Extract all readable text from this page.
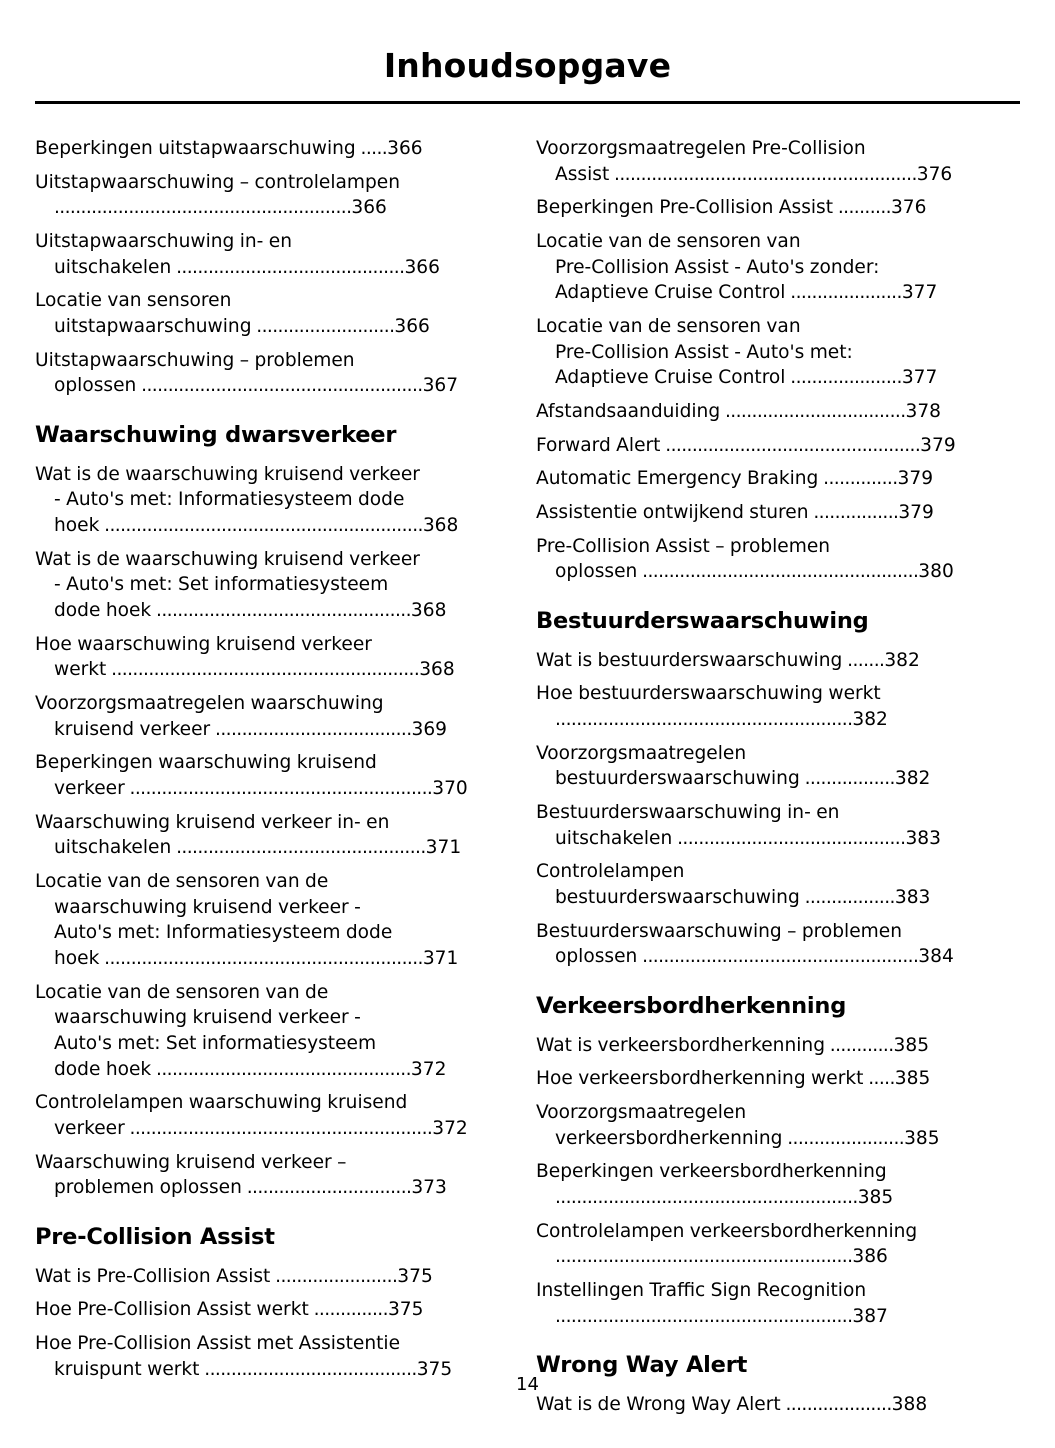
Inhoudsopgave
Beperkingen uitstapwaarschuwing .....366
Uitstapwaarschuwing – controlelampen
........................................................366
Uitstapwaarschuwing in- en
uitschakelen ...........................................366
Locatie van sensoren
uitstapwaarschuwing ..........................366
Uitstapwaarschuwing – problemen
oplossen .....................................................367
Waarschuwing dwarsverkeer
Wat is de waarschuwing kruisend verkeer
- Auto's met: Informatiesysteem dode
hoek ............................................................368
Wat is de waarschuwing kruisend verkeer
- Auto's met: Set informatiesysteem
dode hoek ................................................368
Hoe waarschuwing kruisend verkeer
werkt ..........................................................368
Voorzorgsmaatregelen waarschuwing
kruisend verkeer .....................................369
Beperkingen waarschuwing kruisend
verkeer .........................................................370
Waarschuwing kruisend verkeer in- en
uitschakelen ...............................................371
Locatie van de sensoren van de
waarschuwing kruisend verkeer -
Auto's met: Informatiesysteem dode
hoek ............................................................371
Locatie van de sensoren van de
waarschuwing kruisend verkeer -
Auto's met: Set informatiesysteem
dode hoek ................................................372
Controlelampen waarschuwing kruisend
verkeer .........................................................372
Waarschuwing kruisend verkeer –
problemen oplossen ...............................373
Pre-Collision Assist
Wat is Pre-Collision Assist .......................375
Hoe Pre-Collision Assist werkt ..............375
Hoe Pre-Collision Assist met Assistentie
kruispunt werkt ........................................375
Voorzorgsmaatregelen Pre-Collision
Assist .........................................................376
Beperkingen Pre-Collision Assist ..........376
Locatie van de sensoren van
Pre-Collision Assist - Auto's zonder:
Adaptieve Cruise Control .....................377
Locatie van de sensoren van
Pre-Collision Assist - Auto's met:
Adaptieve Cruise Control .....................377
Afstandsaanduiding ..................................378
Forward Alert ................................................379
Automatic Emergency Braking ..............379
Assistentie ontwijkend sturen ................379
Pre-Collision Assist – problemen
oplossen ....................................................380
Bestuurderswaarschuwing
Wat is bestuurderswaarschuwing .......382
Hoe bestuurderswaarschuwing werkt
........................................................382
Voorzorgsmaatregelen
bestuurderswaarschuwing .................382
Bestuurderswaarschuwing in- en
uitschakelen ...........................................383
Controlelampen
bestuurderswaarschuwing .................383
Bestuurderswaarschuwing – problemen
oplossen ....................................................384
Verkeersbordherkenning
Wat is verkeersbordherkenning ............385
Hoe verkeersbordherkenning werkt .....385
Voorzorgsmaatregelen
verkeersbordherkenning ......................385
Beperkingen verkeersbordherkenning
.........................................................385
Controlelampen verkeersbordherkenning
........................................................386
Instellingen Traffic Sign Recognition
........................................................387
Wrong Way Alert
Wat is de Wrong Way Alert ....................388
14
